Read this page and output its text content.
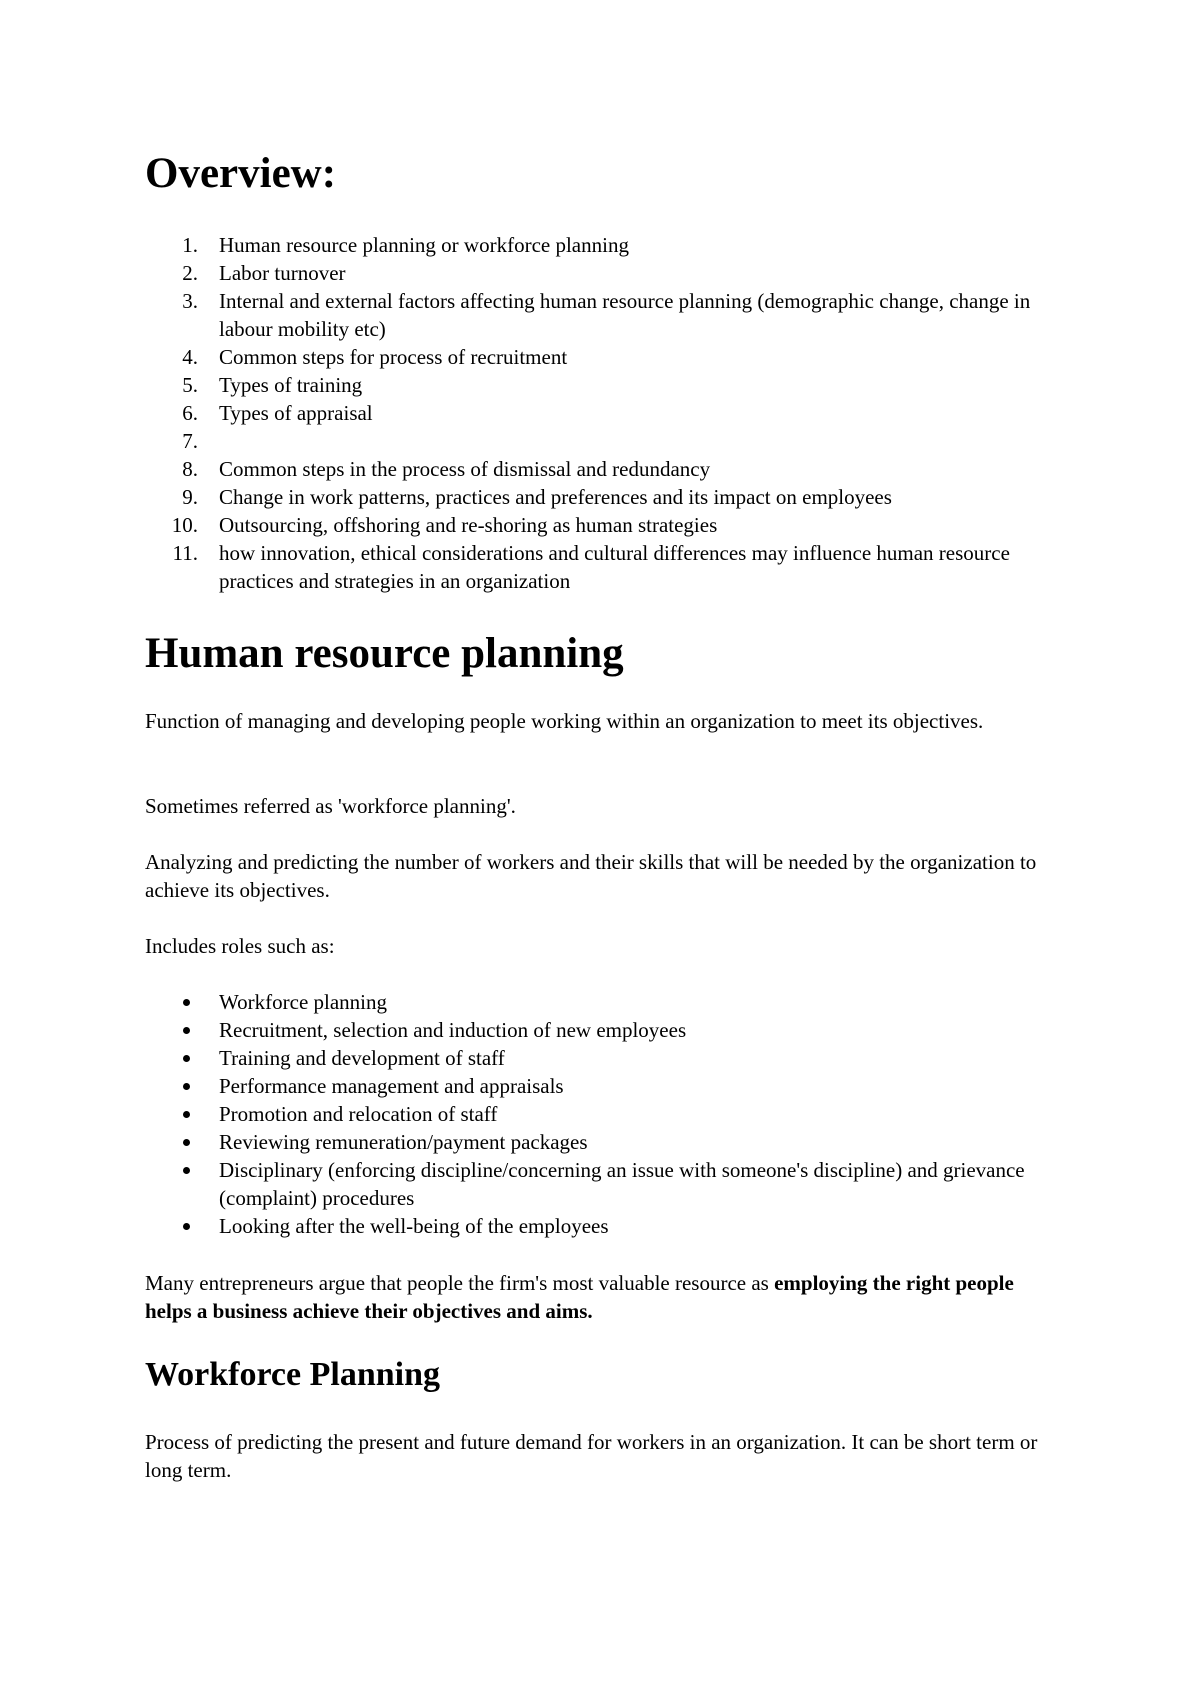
Overview:
1. Human resource planning or workforce planning
2. Labor turnover
3. Internal and external factors affecting human resource planning (demographic change, change in labour mobility etc)
4. Common steps for process of recruitment
5. Types of training
6. Types of appraisal
7.
8. Common steps in the process of dismissal and redundancy
9. Change in work patterns, practices and preferences and its impact on employees
10. Outsourcing, offshoring and re-shoring as human strategies
11. how innovation, ethical considerations and cultural differences may influence human resource practices and strategies in an organization
Human resource planning

Function of managing and developing people working within an organization to meet its objectives.

Sometimes referred as 'workforce planning'.

Analyzing and predicting the number of workers and their skills that will be needed by the organization to achieve its objectives.

Includes roles such as:

Workforce planning
Recruitment, selection and induction of new employees
Training and development of staff
Performance management and appraisals
Promotion and relocation of staff
Reviewing remuneration/payment packages
Disciplinary (enforcing discipline/concerning an issue with someone's discipline) and grievance (complaint) procedures
Looking after the well-being of the employees

Many entrepreneurs argue that people the firm's most valuable resource as employing the right people helps a business achieve their objectives and aims.

Workforce Planning

Process of predicting the present and future demand for workers in an organization. It can be short term or long term.
